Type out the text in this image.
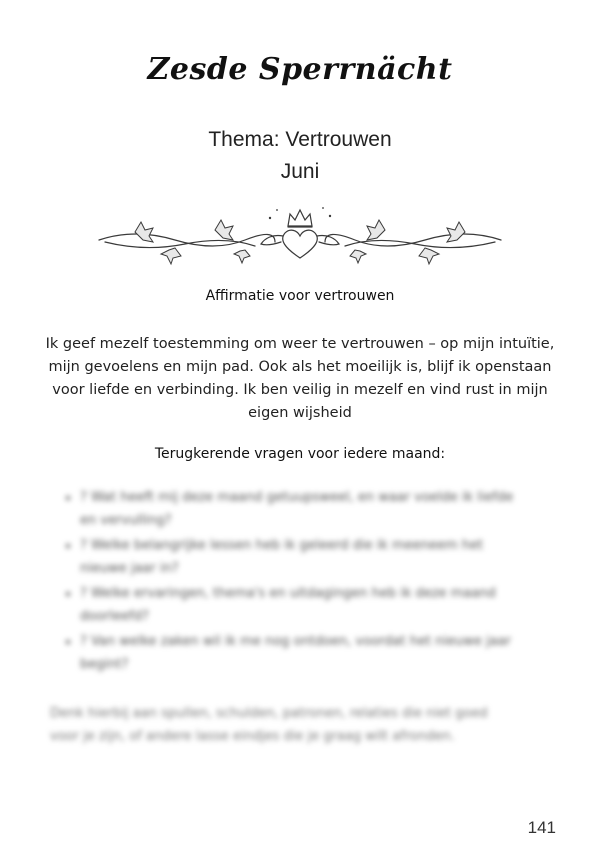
Zesde Sperrnächt
Thema: Vertrouwen
Juni
Affirmatie voor vertrouwen
Ik geef mezelf toestemming om weer te vertrouwen – op mijn intuïtie, mijn gevoelens en mijn pad. Ook als het moeilijk is, blijf ik openstaan voor liefde en verbinding. Ik ben veilig in mezelf en vind rust in mijn eigen wijsheid
Terugkerende vragen voor iedere maand:
• ? Wat heeft mij deze maand getuupsweel, en waar voelde ik liefde en vervulling?
• ? Welke belangrijke lessen heb ik geleerd die ik meeneem het nieuwe jaar in?
• ? Welke ervaringen, thema's en uitdagingen heb ik deze maand doorleefd?
• ? Van welke zaken wil ik me nog ontdoen, voordat het nieuwe jaar begint?
Denk hierbij aan spullen, schulden, patronen, relaties die niet goed voor je zijn, of andere lasse eindjes die je graag wilt afronden.
141
